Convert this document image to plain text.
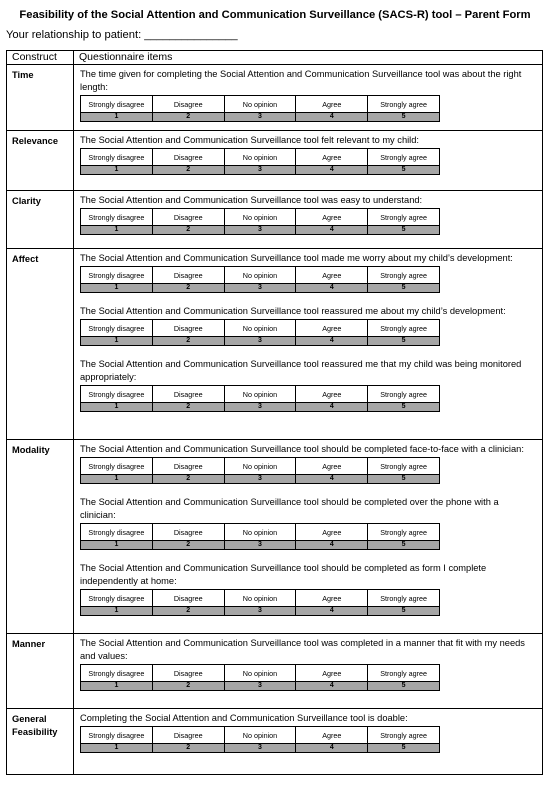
Feasibility of the Social Attention and Communication Surveillance (SACS-R) tool – Parent Form
Your relationship to patient: _______________
Construct	Questionnaire items
Time	The time given for completing the Social Attention and Communication Surveillance tool was about the right length:
Strongly disagree	Disagree	No opinion	Agree	Strongly agree
1	2	3	4	5

Relevance	The Social Attention and Communication Surveillance tool felt relevant to my child:
Strongly disagree	Disagree	No opinion	Agree	Strongly agree
1	2	3	4	5

Clarity	The Social Attention and Communication Surveillance tool was easy to understand:
Strongly disagree	Disagree	No opinion	Agree	Strongly agree
1	2	3	4	5

Affect	The Social Attention and Communication Surveillance tool made me worry about my child’s development:
Strongly disagree	Disagree	No opinion	Agree	Strongly agree
1	2	3	4	5
The Social Attention and Communication Surveillance tool reassured me about my child’s development:
Strongly disagree	Disagree	No opinion	Agree	Strongly agree
1	2	3	4	5
The Social Attention and Communication Surveillance tool reassured me that my child was being monitored appropriately:
Strongly disagree	Disagree	No opinion	Agree	Strongly agree
1	2	3	4	5

Modality	The Social Attention and Communication Surveillance tool should be completed face-to-face with a clinician:
Strongly disagree	Disagree	No opinion	Agree	Strongly agree
1	2	3	4	5
The Social Attention and Communication Surveillance tool should be completed over the phone with a clinician:
Strongly disagree	Disagree	No opinion	Agree	Strongly agree
1	2	3	4	5
The Social Attention and Communication Surveillance tool should be completed as form I complete independently at home:
Strongly disagree	Disagree	No opinion	Agree	Strongly agree
1	2	3	4	5

Manner	The Social Attention and Communication Surveillance tool was completed in a manner that fit with my needs and values:
Strongly disagree	Disagree	No opinion	Agree	Strongly agree
1	2	3	4	5

General Feasibility	
Completing the Social Attention and Communication Surveillance tool is doable:
Strongly disagree	Disagree	No opinion	Agree	Strongly agree
1	2	3	4	5
